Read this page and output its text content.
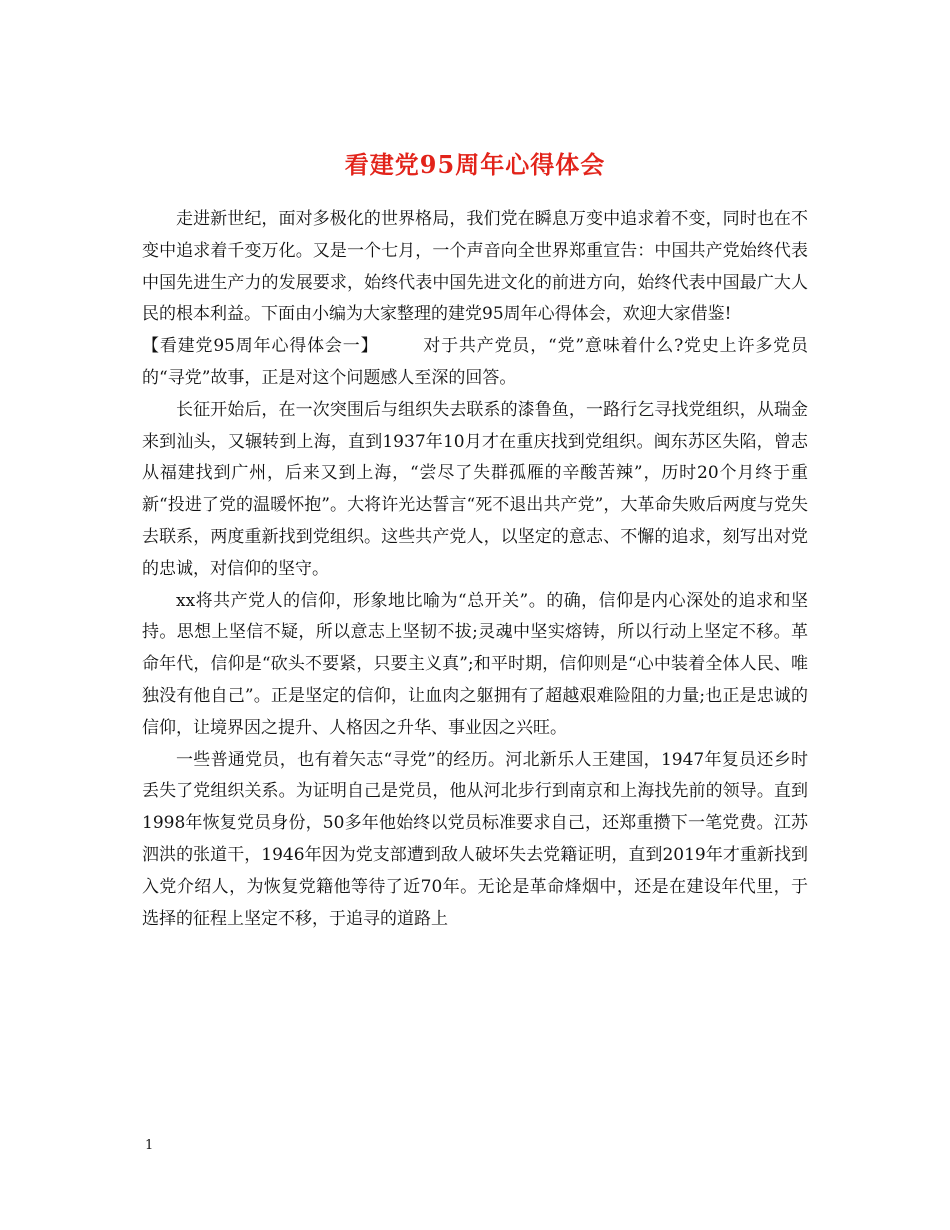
看建党95周年心得体会

走进新世纪，面对多极化的世界格局，我们党在瞬息万变中追求着不变，同时也在不变中追求着千变万化。又是一个七月，一个声音向全世界郑重宣告：中国共产党始终代表中国先进生产力的发展要求，始终代表中国先进文化的前进方向，始终代表中国最广大人民的根本利益。下面由小编为大家整理的建党95周年心得体会，欢迎大家借鉴!

【看建党95周年心得体会一】	对于共产党员，“党”意味着什么?党史上许多党员的“寻党”故事，正是对这个问题感人至深的回答。

长征开始后，在一次突围后与组织失去联系的漆鲁鱼，一路行乞寻找党组织，从瑞金来到汕头，又辗转到上海，直到1937年10月才在重庆找到党组织。闽东苏区失陷，曾志从福建找到广州，后来又到上海，“尝尽了失群孤雁的辛酸苦辣”，历时20个月终于重新“投进了党的温暖怀抱”。大将许光达誓言“死不退出共产党”，大革命失败后两度与党失去联系，两度重新找到党组织。这些共产党人，以坚定的意志、不懈的追求，刻写出对党的忠诚，对信仰的坚守。

xx将共产党人的信仰，形象地比喻为“总开关”。的确，信仰是内心深处的追求和坚持。思想上坚信不疑，所以意志上坚韧不拔;灵魂中坚实熔铸，所以行动上坚定不移。革命年代，信仰是“砍头不要紧，只要主义真”;和平时期，信仰则是“心中装着全体人民、唯独没有他自己”。正是坚定的信仰，让血肉之躯拥有了超越艰难险阻的力量;也正是忠诚的信仰，让境界因之提升、人格因之升华、事业因之兴旺。

一些普通党员，也有着矢志“寻党”的经历。河北新乐人王建国，1947年复员还乡时丢失了党组织关系。为证明自己是党员，他从河北步行到南京和上海找先前的领导。直到1998年恢复党员身份，50多年他始终以党员标准要求自己，还郑重攒下一笔党费。江苏泗洪的张道干，1946年因为党支部遭到敌人破坏失去党籍证明，直到2019年才重新找到入党介绍人，为恢复党籍他等待了近70年。无论是革命烽烟中，还是在建设年代里，于选择的征程上坚定不移，于追寻的道路上

1
